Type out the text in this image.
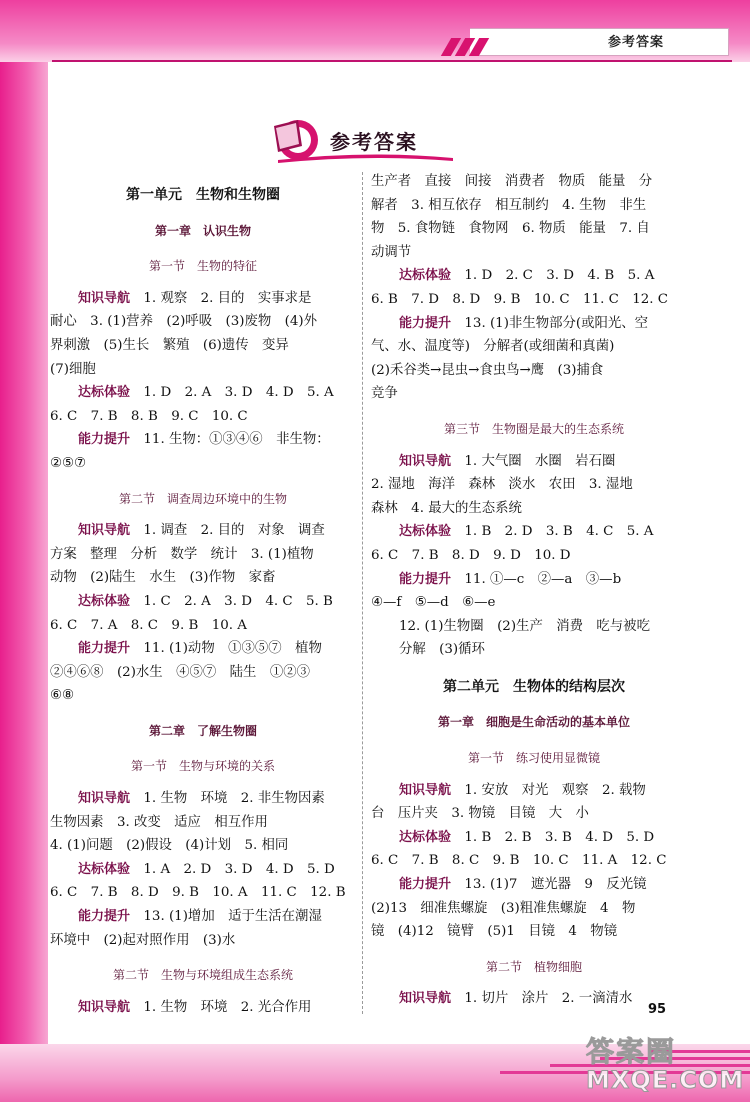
参考答案
95
答案圈
MXQE.COM
参考答案
第一单元　生物和生物圈
第一章　认识生物
第一节　生物的特征

知识导航　 1. 观察　2. 目的　实事求是

耐心　3. (1)营养　(2)呼吸　(3)废物　(4)外

界刺激　(5)生长　繁殖　(6)遗传　变异

(7)细胞

达标体验　 1. D　2. A　3. D　4. D　5. A

6. C　7. B　8. B　9. C　10. C

能力提升　 11. 生物：①③④⑥　非生物：

②⑤⑦

第二节　调查周边环境中的生物

知识导航　 1. 调查　2. 目的　对象　调查

方案　整理　分析　数学　统计　3. (1)植物

动物　(2)陆生　水生　(3)作物　家畜

达标体验　 1. C　2. A　3. D　4. C　5. B

6. C　7. A　8. C　9. B　10. A

能力提升　 11. (1)动物　①③⑤⑦　植物

②④⑥⑧　(2)水生　④⑤⑦　陆生　①②③

⑥⑧

第二章　了解生物圈
第一节　生物与环境的关系

知识导航　 1. 生物　环境　2. 非生物因素

生物因素　3. 改变　适应　相互作用

4. (1)问题　(2)假设　(4)计划　5. 相同

达标体验　 1. A　2. D　3. D　4. D　5. D

6. C　7. B　8. D　9. B　10. A　11. C　12. B

能力提升　 13. (1)增加　适于生活在潮湿

环境中　(2)起对照作用　(3)水

第二节　生物与环境组成生态系统

知识导航　 1. 生物　环境　2. 光合作用

生产者　直接　间接　消费者　物质　能量　分

解者　3. 相互依存　相互制约　4. 生物　非生

物　5. 食物链　食物网　6. 物质　能量　7. 自

动调节

达标体验　 1. D　2. C　3. D　4. B　5. A

6. B　7. D　8. D　9. B　10. C　11. C　12. C

能力提升　 13. (1)非生物部分(或阳光、空

气、水、温度等)　分解者(或细菌和真菌)

(2)禾谷类→昆虫→食虫鸟→鹰　(3)捕食

竞争

第三节　生物圈是最大的生态系统

知识导航　 1. 大气圈　水圈　岩石圈

2. 湿地　海洋　森林　淡水　农田　3. 湿地

森林　4. 最大的生态系统

达标体验　 1. B　2. D　3. B　4. C　5. A

6. C　7. B　8. D　9. D　10. D

能力提升　 11. ①—c　②—a　③—b

④—f　⑤—d　⑥—e

12. (1)生物圈　(2)生产　消费　吃与被吃

分解　(3)循环

第二单元　生物体的结构层次
第一章　细胞是生命活动的基本单位
第一节　练习使用显微镜

知识导航　 1. 安放　对光　观察　2. 载物

台　压片夹　3. 物镜　目镜　大　小

达标体验　 1. B　2. B　3. B　4. D　5. D

6. C　7. B　8. C　9. B　10. C　11. A　12. C

能力提升　 13. (1)7　遮光器　9　反光镜

(2)13　细准焦螺旋　(3)粗准焦螺旋　4　物

镜　(4)12　镜臂　(5)1　目镜　4　物镜

第二节　植物细胞

知识导航　 1. 切片　涂片　2. 一滴清水
